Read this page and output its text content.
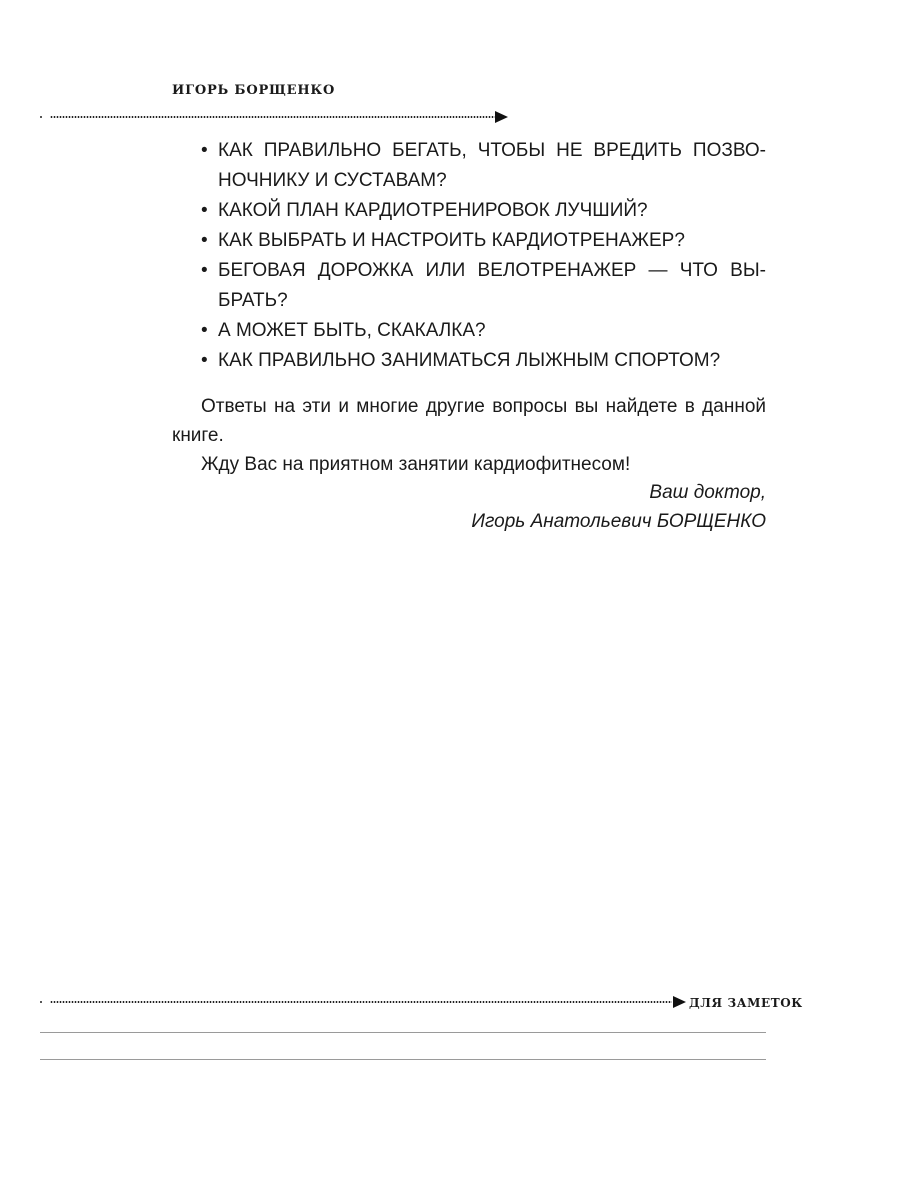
ИГОРЬ БОРЩЕНКО
• КАК ПРАВИЛЬНО БЕГАТЬ, ЧТОБЫ НЕ ВРЕДИТЬ ПОЗВОНОЧНИКУ И СУСТАВАМ?
• КАКОЙ ПЛАН КАРДИОТРЕНИРОВОК ЛУЧШИЙ?
• КАК ВЫБРАТЬ И НАСТРОИТЬ КАРДИОТРЕНАЖЕР?
• БЕГОВАЯ ДОРОЖКА ИЛИ ВЕЛОТРЕНАЖЕР — ЧТО ВЫБРАТЬ?
• А МОЖЕТ БЫТЬ, СКАКАЛКА?
• КАК ПРАВИЛЬНО ЗАНИМАТЬСЯ ЛЫЖНЫМ СПОРТОМ?

Ответы на эти и многие другие вопросы вы найдете в данной книге.

Жду Вас на приятном занятии кардиофитнесом!

Ваш доктор,

Игорь Анатольевич БОРЩЕНКО

ДЛЯ ЗАМЕТОК
